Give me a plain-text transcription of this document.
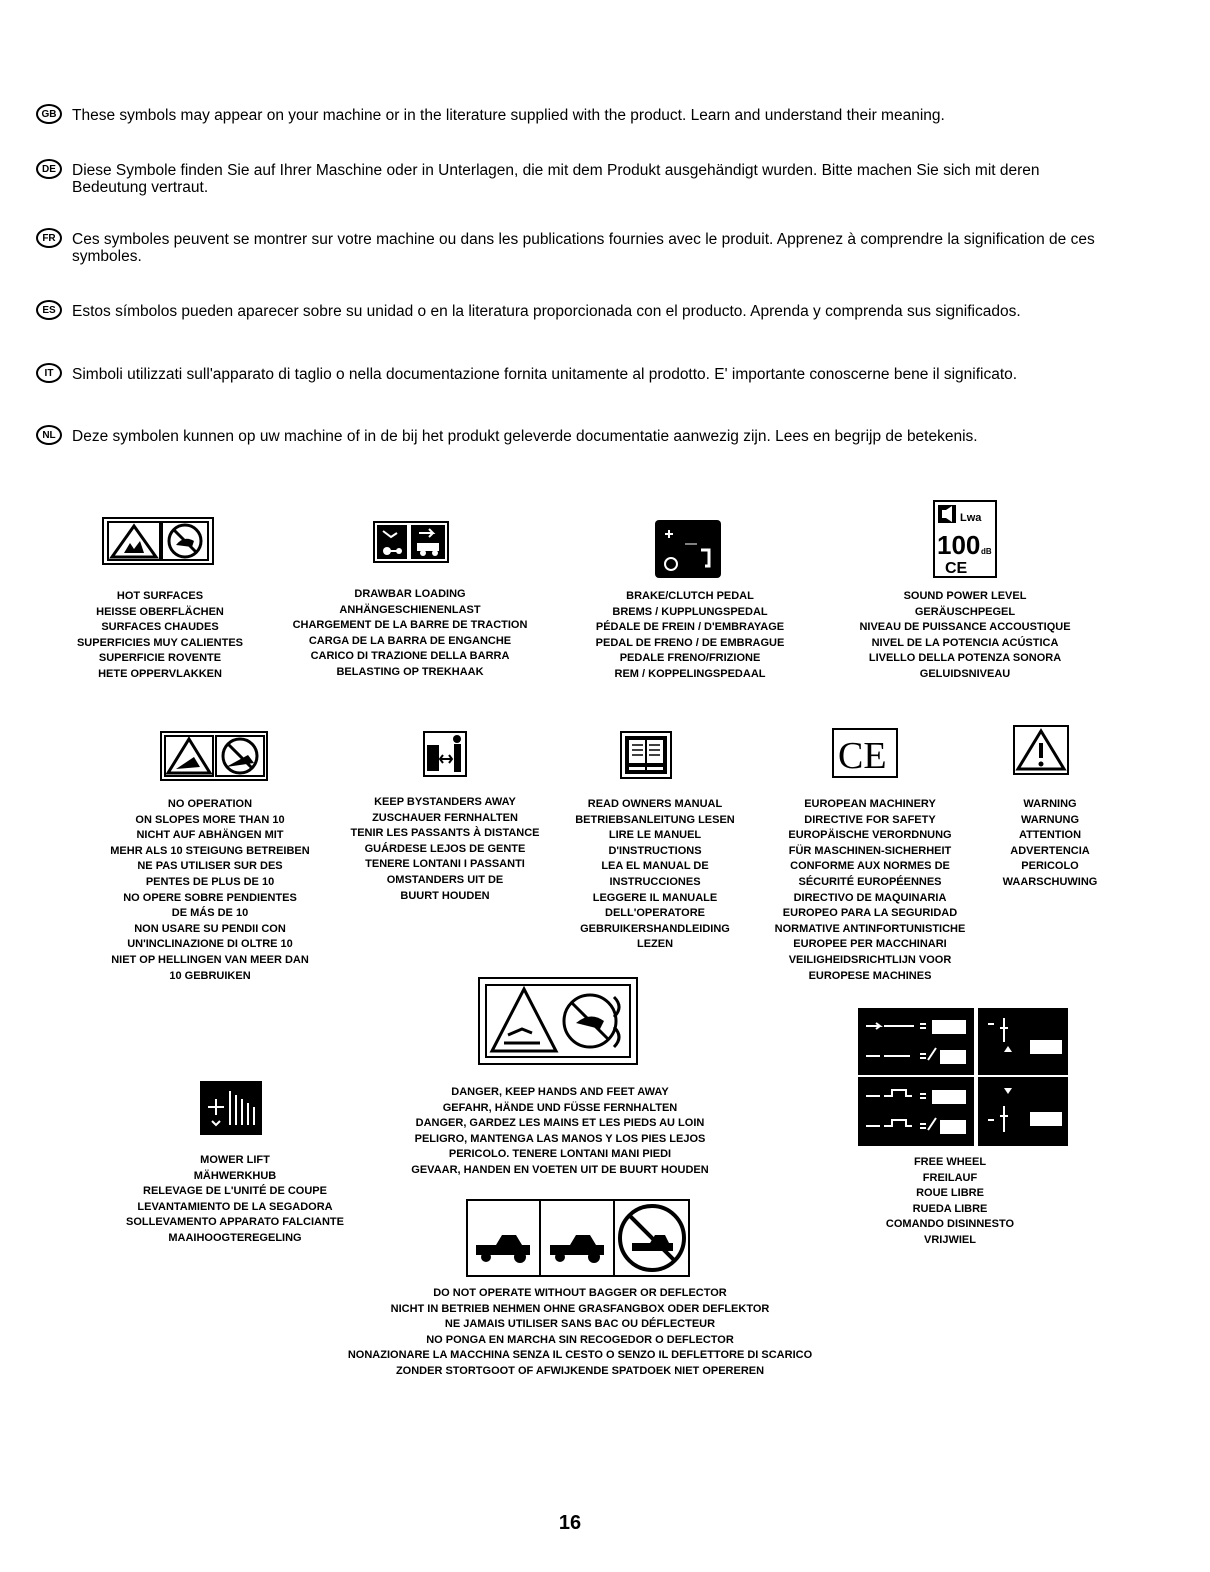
GB	These symbols may appear on your machine or in the literature supplied with the product. Learn and understand their meaning.
DE	Diese Symbole finden Sie auf Ihrer Maschine oder in Unterlagen, die mit dem Produkt ausgehändigt wurden. Bitte machen Sie sich mit deren Bedeutung vertraut.
FR	Ces symboles peuvent se montrer sur votre machine ou dans les publications fournies avec le produit. Apprenez à comprendre la signification de ces symboles.
ES	Estos símbolos pueden aparecer sobre su unidad o en la literatura proporcionada con el producto. Aprenda y comprenda sus significados.
IT	Simboli utilizzati sull'apparato di taglio o nella documentazione fornita unitamente al prodotto. E' importante conoscerne bene il significato.
NL	Deze symbolen kunnen op uw machine of in de bij het produkt geleverde documentatie aanwezig zijn. Lees en begrijp de betekenis.
Lwa
100 dB
CE
HOT SURFACES
HEISSE OBERFLÄCHEN
SURFACES CHAUDES
SUPERFICIES MUY CALIENTES
SUPERFICIE ROVENTE
HETE OPPERVLAKKEN
DRAWBAR LOADING
ANHÄNGESCHIENENLAST
CHARGEMENT DE LA BARRE DE TRACTION
CARGA DE LA BARRA DE ENGANCHE
CARICO DI TRAZIONE DELLA BARRA
BELASTING OP TREKHAAK
BRAKE/CLUTCH PEDAL
BREMS / KUPPLUNGSPEDAL
PÉDALE DE FREIN / D'EMBRAYAGE
PEDAL DE FRENO / DE EMBRAGUE
PEDALE FRENO/FRIZIONE
REM / KOPPELINGSPEDAAL
SOUND POWER LEVEL
GERÄUSCHPEGEL
NIVEAU DE PUISSANCE ACCOUSTIQUE
NIVEL DE LA POTENCIA ACÚSTICA
LIVELLO DELLA POTENZA SONORA
GELUIDSNIVEAU
CE
NO OPERATION
ON SLOPES MORE THAN 10
NICHT AUF ABHÄNGEN MIT
MEHR ALS 10 STEIGUNG BETREIBEN
NE PAS UTILISER SUR DES
PENTES DE PLUS DE 10
NO OPERE SOBRE PENDIENTES
DE MÁS DE 10
NON USARE SU PENDII CON
UN'INCLINAZIONE DI OLTRE 10
NIET OP HELLINGEN VAN MEER DAN
10 GEBRUIKEN
KEEP BYSTANDERS AWAY
ZUSCHAUER FERNHALTEN
TENIR LES PASSANTS À DISTANCE
GUÁRDESE LEJOS DE GENTE
TENERE LONTANI I PASSANTI
OMSTANDERS UIT DE
BUURT HOUDEN
READ OWNERS MANUAL
BETRIEBSANLEITUNG LESEN
LIRE LE MANUEL
D'INSTRUCTIONS
LEA EL MANUAL DE
INSTRUCCIONES
LEGGERE IL MANUALE
DELL'OPERATORE
GEBRUIKERSHANDLEIDING
LEZEN
EUROPEAN MACHINERY
DIRECTIVE FOR SAFETY
EUROPÄISCHE VERORDNUNG
FÜR MASCHINEN-SICHERHEIT
CONFORME AUX NORMES DE
SÉCURITÉ EUROPÉENNES
DIRECTIVO DE MAQUINARIA
EUROPEO PARA LA SEGURIDAD
NORMATIVE ANTINFORTUNISTICHE
EUROPEE PER MACCHINARI
VEILIGHEIDSRICHTLIJN VOOR
EUROPESE MACHINES
WARNING
WARNUNG
ATTENTION
ADVERTENCIA
PERICOLO
WAARSCHUWING
DANGER, KEEP HANDS AND FEET AWAY
GEFAHR, HÄNDE UND FÜSSE FERNHALTEN
DANGER, GARDEZ LES MAINS ET LES PIEDS AU LOIN
PELIGRO, MANTENGA LAS MANOS Y LOS PIES LEJOS
PERICOLO. TENERE LONTANI MANI PIEDI
GEVAAR, HANDEN EN VOETEN UIT DE BUURT HOUDEN
MOWER LIFT
MÄHWERKHUB
RELEVAGE DE L'UNITÉ DE COUPE
LEVANTAMIENTO DE LA SEGADORA
SOLLEVAMENTO APPARATO FALCIANTE
MAAIHOOGTEREGELING
FREE WHEEL
FREILAUF
ROUE LIBRE
RUEDA LIBRE
COMANDO DISINNESTO
VRIJWIEL
DO NOT OPERATE WITHOUT BAGGER OR DEFLECTOR
NICHT IN BETRIEB NEHMEN OHNE GRASFANGBOX ODER DEFLEKTOR
NE JAMAIS UTILISER SANS BAC OU DÉFLECTEUR
NO PONGA EN MARCHA SIN RECOGEDOR O DEFLECTOR
NONAZIONARE LA MACCHINA SENZA IL CESTO O SENZO IL DEFLETTORE DI SCARICO
ZONDER STORTGOOT OF AFWIJKENDE SPATDOEK NIET OPEREREN
16
